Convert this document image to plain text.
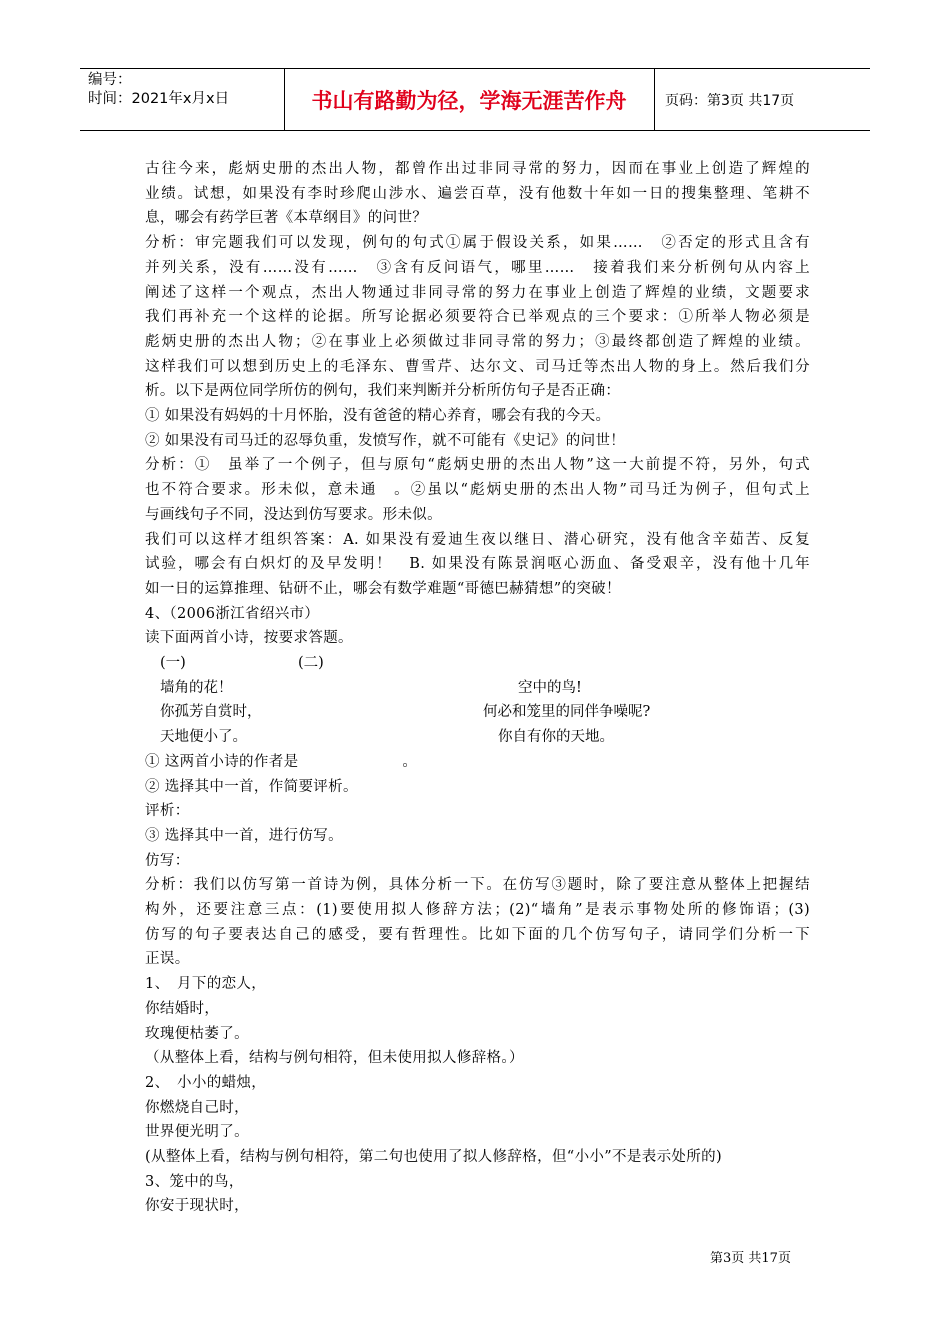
编号：
时间：2021年x月x日	书山有路勤为径，学海无涯苦作舟	页码：第3页 共17页

古往今来，彪炳史册的杰出人物，都曾作出过非同寻常的努力，因而在事业上创造了辉煌的

业绩。试想，如果没有李时珍爬山涉水、遍尝百草，没有他数十年如一日的搜集整理、笔耕不

息，哪会有药学巨著《本草纲目》的问世？

分析：审完题我们可以发现，例句的句式①属于假设关系，如果……　②否定的形式且含有

并列关系，没有……没有……　③含有反问语气，哪里……　接着我们来分析例句从内容上

阐述了这样一个观点，杰出人物通过非同寻常的努力在事业上创造了辉煌的业绩，文题要求

我们再补充一个这样的论据。所写论据必须要符合已举观点的三个要求：①所举人物必须是

彪炳史册的杰出人物；②在事业上必须做过非同寻常的努力；③最终都创造了辉煌的业绩。

这样我们可以想到历史上的毛泽东、曹雪芹、达尔文、司马迁等杰出人物的身上。然后我们分

析。以下是两位同学所仿的例句，我们来判断并分析所仿句子是否正确：

① 如果没有妈妈的十月怀胎，没有爸爸的精心养育，哪会有我的今天。

② 如果没有司马迁的忍辱负重，发愤写作，就不可能有《史记》的问世！

分析：①　虽举了一个例子，但与原句“彪炳史册的杰出人物”这一大前提不符，另外，句式

也不符合要求。形未似，意未通　。②虽以“彪炳史册的杰出人物”司马迁为例子，但句式上

与画线句子不同，没达到仿写要求。形未似。

我们可以这样才组织答案：A. 如果没有爱迪生夜以继日、潜心研究，没有他含辛茹苦、反复

试验，哪会有白炽灯的及早发明！　B. 如果没有陈景润呕心沥血、备受艰辛，没有他十几年

如一日的运算推理、钻研不止，哪会有数学难题“哥德巴赫猜想”的突破！

4、（2006浙江省绍兴市）

读下面两首小诗，按要求答题。

(一)	(二)
墙角的花！	空中的鸟!
你孤芳自赏时，	何必和笼里的同伴争噪呢?
天地便小了。	你自有你的天地。

① 这两首小诗的作者是　　　　　　　。

② 选择其中一首，作简要评析。

评析：

③ 选择其中一首，进行仿写。

仿写：

分析：我们以仿写第一首诗为例，具体分析一下。在仿写③题时，除了要注意从整体上把握结

构外，还要注意三点：(1)要使用拟人修辞方法；(2)“墙角”是表示事物处所的修饰语；(3)

仿写的句子要表达自己的感受，要有哲理性。比如下面的几个仿写句子，请同学们分析一下

正误。

1、　月下的恋人，

你结婚时，

玫瑰便枯萎了。

（从整体上看，结构与例句相符，但未使用拟人修辞格。）

2、　小小的蜡烛，

你燃烧自己时，

世界便光明了。

(从整体上看，结构与例句相符，第二句也使用了拟人修辞格，但“小小”不是表示处所的)

3、笼中的鸟，

你安于现状时，

第3页 共17页
